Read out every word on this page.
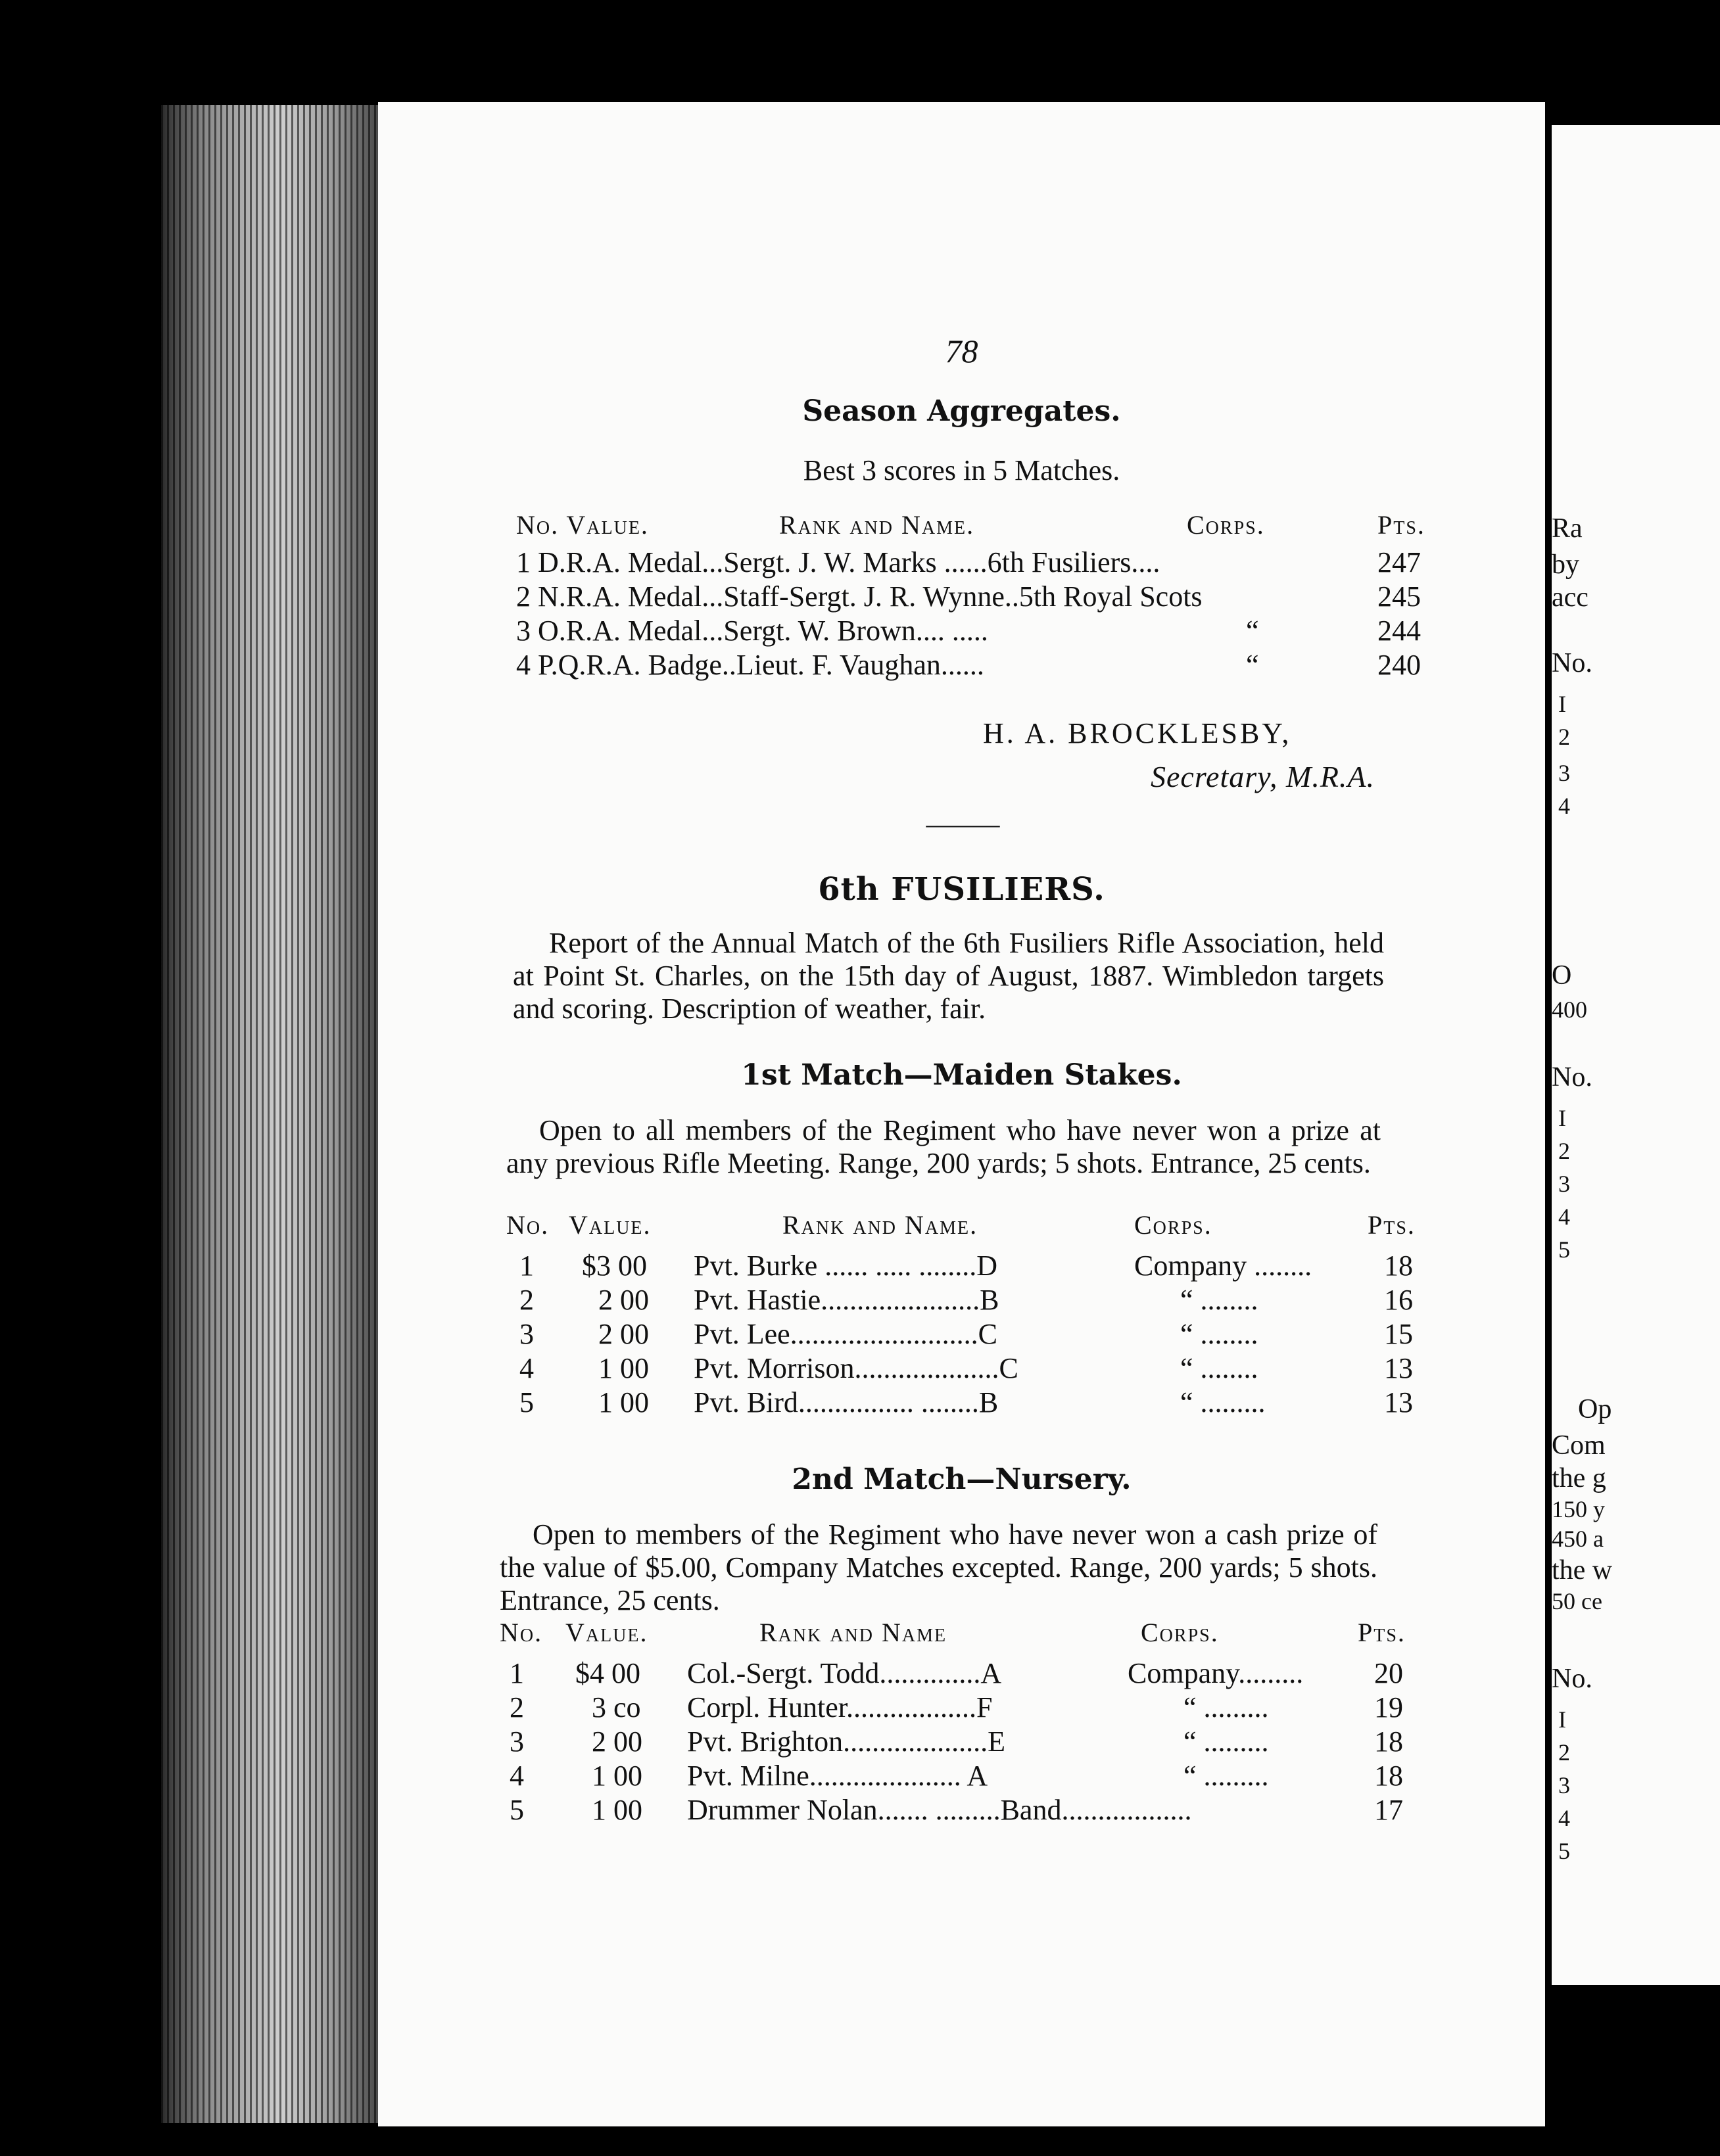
78
Season Aggregates.
Best 3 scores in 5 Matches.
No. Value.	Rank and Name.	Corps.	Pts.
1 D.R.A. Medal...Sergt. J. W. Marks ......6th Fusiliers....	247
2 N.R.A. Medal...Staff-Sergt. J. R. Wynne..5th Royal Scots	245
3 O.R.A. Medal...Sergt. W. Brown.... .....	“	244
4 P.Q.R.A. Badge..Lieut. F. Vaughan......	“	240
H. A. BROCKLESBY,
Secretary, M.R.A.
———
6th FUSILIERS.
Report of the Annual Match of the 6th Fusiliers Rifle Association, held at Point St. Charles, on the 15th day of August, 1887. Wimbledon targets and scoring. Description of weather, fair.
1st Match—Maiden Stakes.
Open to all members of the Regiment who have never won a prize at any previous Rifle Meeting. Range, 200 yards; 5 shots. Entrance, 25 cents.
No. Value.	Rank and Name.	Corps.	Pts.
1 $3 00 Pvt. Burke ...... ..... ........D	Company ........ 18
2 2 00 Pvt. Hastie......................B	“ ........	16
3 2 00 Pvt. Lee..........................C	“ ........	15
4 1 00 Pvt. Morrison....................C	“ ........	13
5 1 00 Pvt. Bird................ ........B	“ .........	13
2nd Match—Nursery.
Open to members of the Regiment who have never won a cash prize of the value of $5.00, Company Matches excepted. Range, 200 yards; 5 shots. Entrance, 25 cents.
No. Value.	Rank and Name	Corps.	Pts.
1 $4 00 Col.-Sergt. Todd..............A	Company......... 20
2 3 co Corpl. Hunter..................F	“ .........	19
3 2 00 Pvt. Brighton....................E	“ .........	18
4 1 00 Pvt. Milne..................... A	“ .........	18
5 1 00 Drummer Nolan....... .........Band..................	17
Ra
by
acc
No.
I
2
3
4
O
400
No.
I
2
3
4
5
Op
Com
the g
150 y
450 a
the w
50 ce
No.
I
2
3
4
5
